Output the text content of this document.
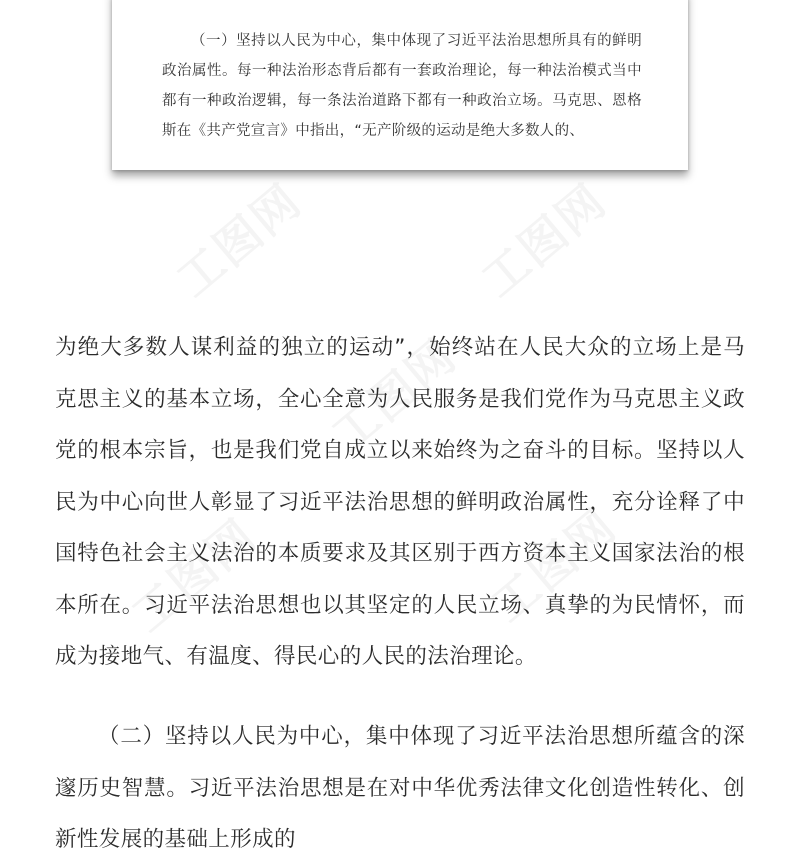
（一）坚持以人民为中心，集中体现了习近平法治思想所具有的鲜明政治属性。每一种法治形态背后都有一套政治理论，每一种法治模式当中都有一种政治逻辑，每一条法治道路下都有一种政治立场。马克思、恩格斯在《共产党宣言》中指出，“无产阶级的运动是绝大多数人的、

为绝大多数人谋利益的独立的运动”，始终站在人民大众的立场上是马克思主义的基本立场，全心全意为人民服务是我们党作为马克思主义政党的根本宗旨，也是我们党自成立以来始终为之奋斗的目标。坚持以人民为中心向世人彰显了习近平法治思想的鲜明政治属性，充分诠释了中国特色社会主义法治的本质要求及其区别于西方资本主义国家法治的根本所在。习近平法治思想也以其坚定的人民立场、真挚的为民情怀，而成为接地气、有温度、得民心的人民的法治理论。

（二）坚持以人民为中心，集中体现了习近平法治思想所蕴含的深邃历史智慧。习近平法治思想是在对中华优秀法律文化创造性转化、创新性发展的基础上形成的
